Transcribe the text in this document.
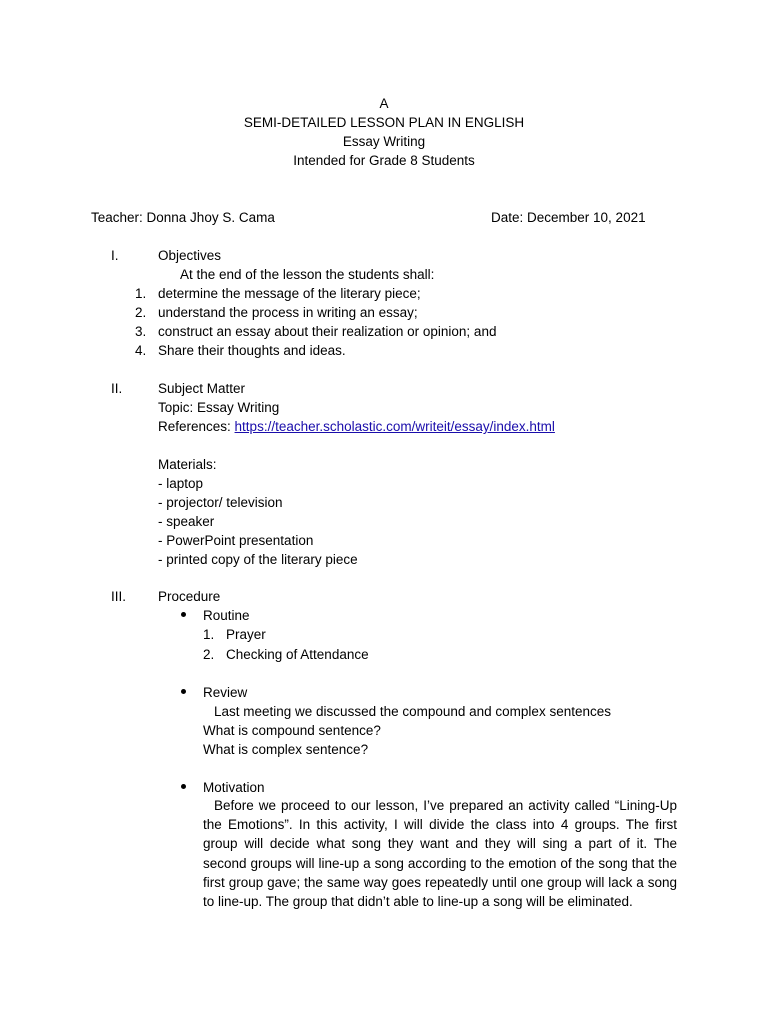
A
SEMI-DETAILED LESSON PLAN IN ENGLISH
Essay Writing
Intended for Grade 8 Students
Teacher: Donna Jhoy S. Cama	Date: December 10, 2021
I.	Objectives
At the end of the lesson the students shall:
1. determine the message of the literary piece;
2. understand the process in writing an essay;
3. construct an essay about their realization or opinion; and
4. Share their thoughts and ideas.
II.	Subject Matter
Topic: Essay Writing
References: https://teacher.scholastic.com/writeit/essay/index.html
Materials:
- laptop
- projector/ television
- speaker
- PowerPoint presentation
- printed copy of the literary piece
III. Procedure
Routine
1. Prayer
2. Checking of Attendance
Review
Last meeting we discussed the compound and complex sentences
What is compound sentence?
What is complex sentence?
Motivation
Before we proceed to our lesson, I’ve prepared an activity called “Lining-Up the Emotions”. In this activity, I will divide the class into 4 groups. The first group will decide what song they want and they will sing a part of it. The second groups will line-up a song according to the emotion of the song that the first group gave; the same way goes repeatedly until one group will lack a song to line-up. The group that didn’t able to line-up a song will be eliminated.
